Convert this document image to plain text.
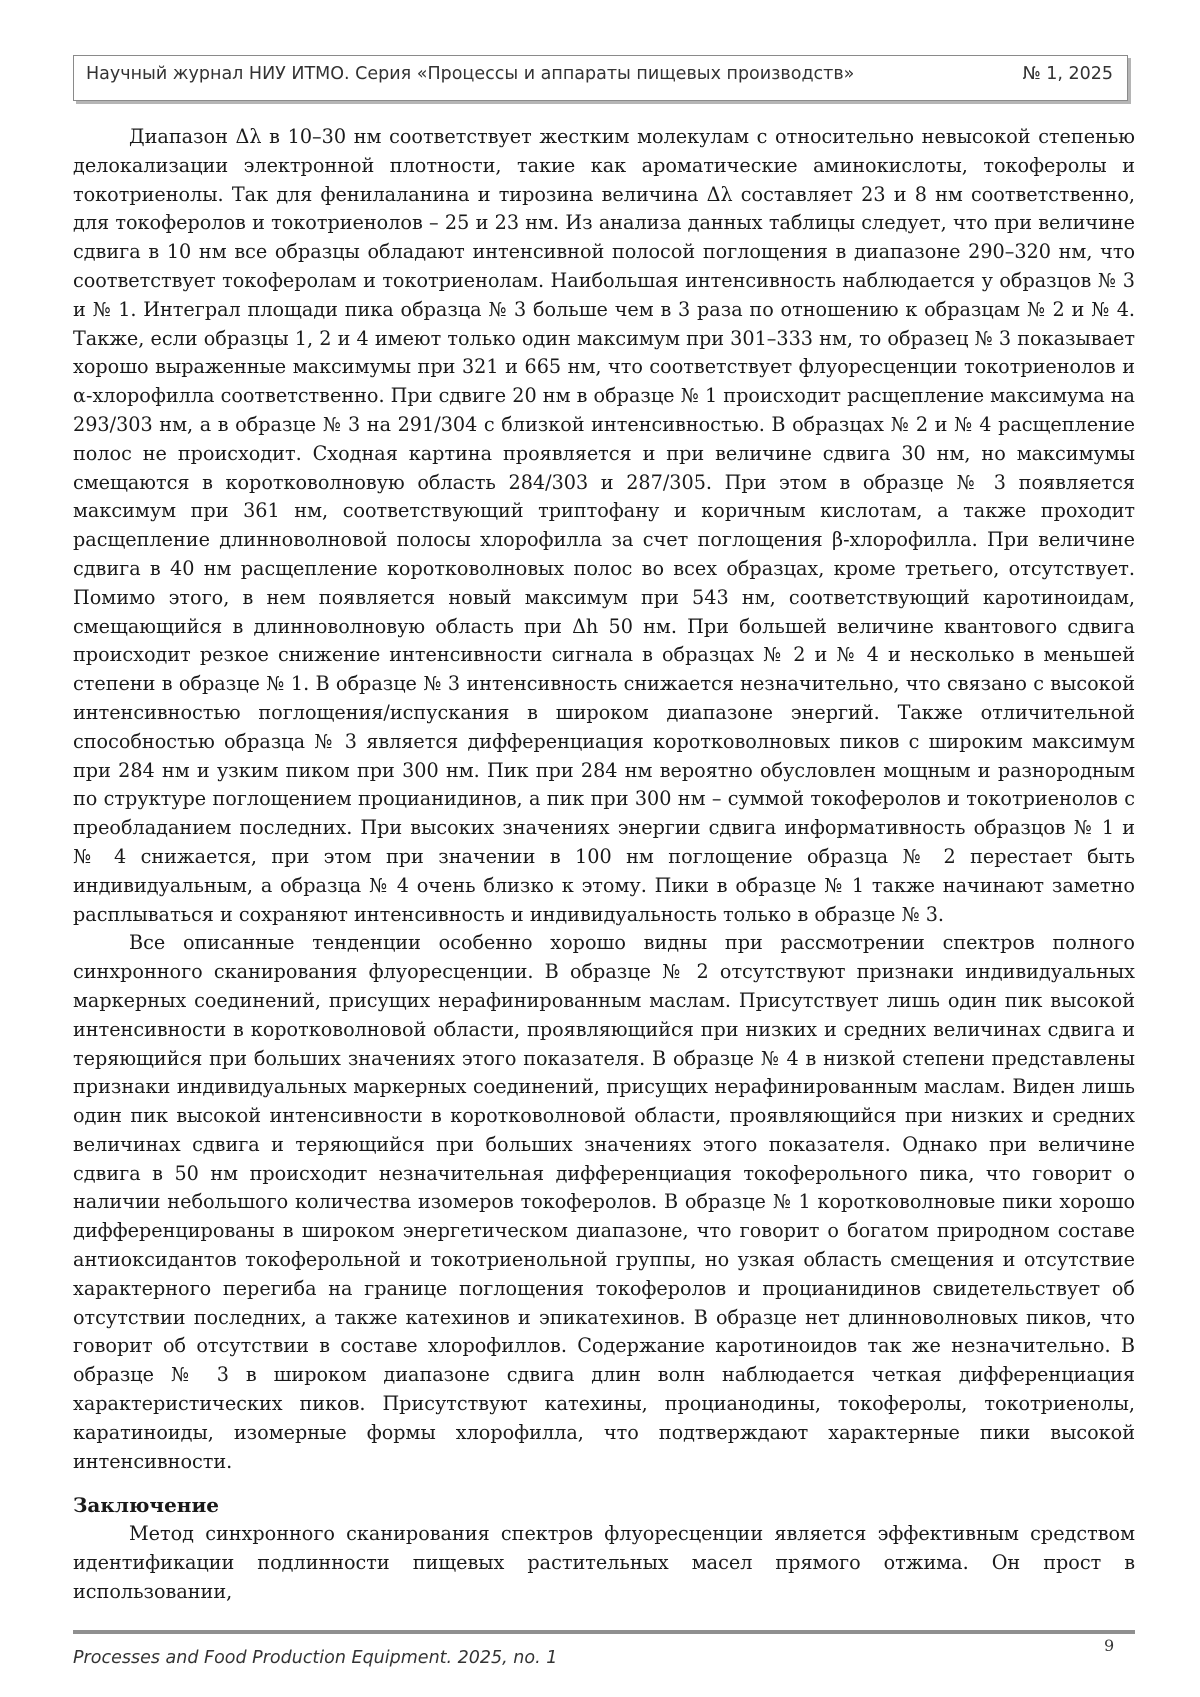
Научный журнал НИУ ИТМО. Серия «Процессы и аппараты пищевых производств»	№ 1, 2025

Диапазон Δλ в 10–30 нм соответствует жестким молекулам с относительно невысокой степенью делокализации электронной плотности, такие как ароматические аминокислоты, токоферолы и токотриенолы. Так для фенилаланина и тирозина величина Δλ составляет 23 и 8 нм соответственно, для токоферолов и токотриенолов – 25 и 23 нм. Из анализа данных таблицы следует, что при величине сдвига в 10 нм все образцы обладают интенсивной полосой поглощения в диапазоне 290–320 нм, что соответствует токоферолам и токотриенолам. Наибольшая интенсивность наблюдается у образцов № 3 и № 1. Интеграл площади пика образца № 3 больше чем в 3 раза по отношению к образцам № 2 и № 4. Также, если образцы 1, 2 и 4 имеют только один максимум при 301–333 нм, то образец № 3 показывает хорошо выраженные максимумы при 321 и 665 нм, что соответствует флуоресценции токотриенолов и α-хлорофилла соответственно. При сдвиге 20 нм в образце № 1 происходит расщепление максимума на 293/303 нм, а в образце № 3 на 291/304 с близкой интенсивностью. В образцах № 2 и № 4 расщепление полос не происходит. Сходная картина проявляется и при величине сдвига 30 нм, но максимумы смещаются в коротковолновую область 284/303 и 287/305. При этом в образце № 3 появляется максимум при 361 нм, соответствующий триптофану и коричным кислотам, а также проходит расщепление длинноволновой полосы хлорофилла за счет поглощения β-хлорофилла. При величине сдвига в 40 нм расщепление коротковолновых полос во всех образцах, кроме третьего, отсутствует. Помимо этого, в нем появляется новый максимум при 543 нм, соответствующий каротиноидам, смещающийся в длинноволновую область при Δh 50 нм. При большей величине квантового сдвига происходит резкое снижение интенсивности сигнала в образцах № 2 и № 4 и несколько в меньшей степени в образце № 1. В образце № 3 интенсивность снижается незначительно, что связано с высокой интенсивностью поглощения/испускания в широком диапазоне энергий. Также отличительной способностью образца № 3 является дифференциация коротковолновых пиков с широким максимум при 284 нм и узким пиком при 300 нм. Пик при 284 нм вероятно обусловлен мощным и разнородным по структуре поглощением процианидинов, а пик при 300 нм – суммой токоферолов и токотриенолов с преобладанием последних. При высоких значениях энергии сдвига информативность образцов № 1 и № 4 снижается, при этом при значении в 100 нм поглощение образца № 2 перестает быть индивидуальным, а образца № 4 очень близко к этому. Пики в образце № 1 также начинают заметно расплываться и сохраняют интенсивность и индивидуальность только в образце № 3.

Все описанные тенденции особенно хорошо видны при рассмотрении спектров полного синхронного сканирования флуоресценции. В образце № 2 отсутствуют признаки индивидуальных маркерных соединений, присущих нерафинированным маслам. Присутствует лишь один пик высокой интенсивности в коротковолновой области, проявляющийся при низких и средних величинах сдвига и теряющийся при больших значениях этого показателя. В образце № 4 в низкой степени представлены признаки индивидуальных маркерных соединений, присущих нерафинированным маслам. Виден лишь один пик высокой интенсивности в коротковолновой области, проявляющийся при низких и средних величинах сдвига и теряющийся при больших значениях этого показателя. Однако при величине сдвига в 50 нм происходит незначительная дифференциация токоферольного пика, что говорит о наличии небольшого количества изомеров токоферолов. В образце № 1 коротковолновые пики хорошо дифференцированы в широком энергетическом диапазоне, что говорит о богатом природном составе антиоксидантов токоферольной и токотриенольной группы, но узкая область смещения и отсутствие характерного перегиба на границе поглощения токоферолов и процианидинов свидетельствует об отсутствии последних, а также катехинов и эпикатехинов. В образце нет длинноволновых пиков, что говорит об отсутствии в составе хлорофиллов. Содержание каротиноидов так же незначительно. В образце № 3 в широком диапазоне сдвига длин волн наблюдается четкая дифференциация характеристических пиков. Присутствуют катехины, процианодины, токоферолы, токотриенолы, каратиноиды, изомерные формы хлорофилла, что подтверждают характерные пики высокой интенсивности.

Заключение

Метод синхронного сканирования спектров флуоресценции является эффективным средством идентификации подлинности пищевых растительных масел прямого отжима. Он прост в использовании,

Processes and Food Production Equipment. 2025, no. 1
9
